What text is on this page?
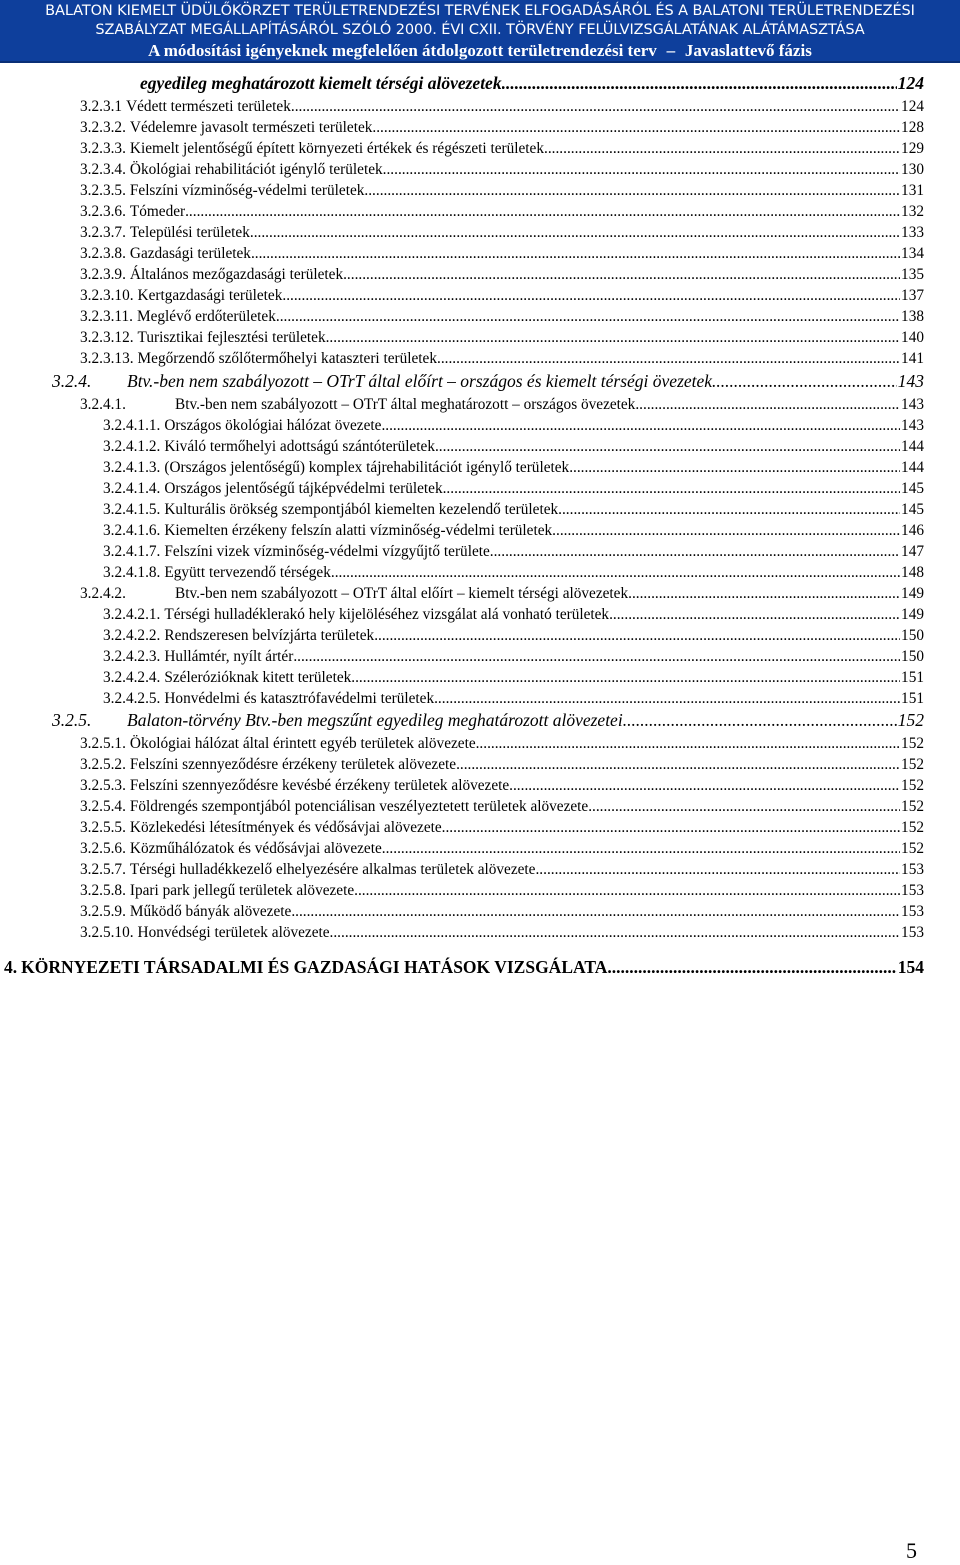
BALATON KIEMELT ÜDÜLŐKÖRZET TERÜLETRENDEZÉSI TERVÉNEK ELFOGADÁSÁRÓL ÉS A BALATONI TERÜLETRENDEZÉSI
SZABÁLYZAT MEGÁLLAPÍTÁSÁRÓL SZÓLÓ 2000. ÉVI CXII. TÖRVÉNY FELÜLVIZSGÁLATÁNAK ALÁTÁMASZTÁSA
A módosítási igényeknek megfelelően átdolgozott területrendezési terv – Javaslattevő fázis
egyedileg meghatározott kiemelt térségi alövezetek .....	124
3.2.3.1 Védett természeti területek .....	124
3.2.3.2. Védelemre javasolt természeti területek .....	128
3.2.3.3. Kiemelt jelentőségű épített környezeti értékek és régészeti területek .....	129
3.2.3.4. Ökológiai rehabilitációt igénylő területek .....	130
3.2.3.5. Felszíni vízminőség-védelmi területek .....	131
3.2.3.6. Tómeder .....	132
3.2.3.7. Települési területek .....	133
3.2.3.8. Gazdasági területek .....	134
3.2.3.9. Általános mezőgazdasági területek .....	135
3.2.3.10. Kertgazdasági területek .....	137
3.2.3.11. Meglévő erdőterületek .....	138
3.2.3.12. Turisztikai fejlesztési területek .....	140
3.2.3.13. Megőrzendő szőlőtermőhelyi kataszteri területek .....	141
3.2.4. Btv.-ben nem szabályozott – OTrT által előírt – országos és kiemelt térségi övezetek .....	143
3.2.4.1.	Btv.-ben nem szabályozott – OTrT által meghatározott – országos övezetek .....	143
3.2.4.1.1. Országos ökológiai hálózat övezete .....	143
3.2.4.1.2. Kiváló termőhelyi adottságú szántóterületek .....	144
3.2.4.1.3. (Országos jelentőségű) komplex tájrehabilitációt igénylő területek .....	144
3.2.4.1.4. Országos jelentőségű tájképvédelmi területek .....	145
3.2.4.1.5. Kulturális örökség szempontjából kiemelten kezelendő területek .....	145
3.2.4.1.6. Kiemelten érzékeny felszín alatti vízminőség-védelmi területek .....	146
3.2.4.1.7. Felszíni vizek vízminőség-védelmi vízgyűjtő területe .....	147
3.2.4.1.8. Együtt tervezendő térségek .....	148
3.2.4.2.	Btv.-ben nem szabályozott – OTrT által előírt – kiemelt térségi alövezetek .....	149
3.2.4.2.1. Térségi hulladéklerakó hely kijelöléséhez vizsgálat alá vonható területek .....	149
3.2.4.2.2. Rendszeresen belvízjárta területek .....	150
3.2.4.2.3. Hullámtér, nyílt ártér .....	150
3.2.4.2.4. Szélerózióknak kitett területek .....	151
3.2.4.2.5. Honvédelmi és katasztrófavédelmi területek .....	151
3.2.5. Balaton-törvény Btv.-ben megszűnt egyedileg meghatározott alövezetei .....	152
3.2.5.1. Ökológiai hálózat által érintett egyéb területek alövezete .....	152
3.2.5.2. Felszíni szennyeződésre érzékeny területek alövezete .....	152
3.2.5.3. Felszíni szennyeződésre kevésbé érzékeny területek alövezete .....	152
3.2.5.4. Földrengés szempontjából potenciálisan veszélyeztetett területek alövezete .....	152
3.2.5.5. Közlekedési létesítmények és védősávjai alövezete .....	152
3.2.5.6. Közműhálózatok és védősávjai alövezete .....	152
3.2.5.7. Térségi hulladékkezelő elhelyezésére alkalmas területek alövezete .....	153
3.2.5.8. Ipari park jellegű területek alövezete .....	153
3.2.5.9. Működő bányák alövezete .....	153
3.2.5.10. Honvédségi területek alövezete .....	153
4. KÖRNYEZETI TÁRSADALMI ÉS GAZDASÁGI HATÁSOK VIZSGÁLATA .....	154
5
